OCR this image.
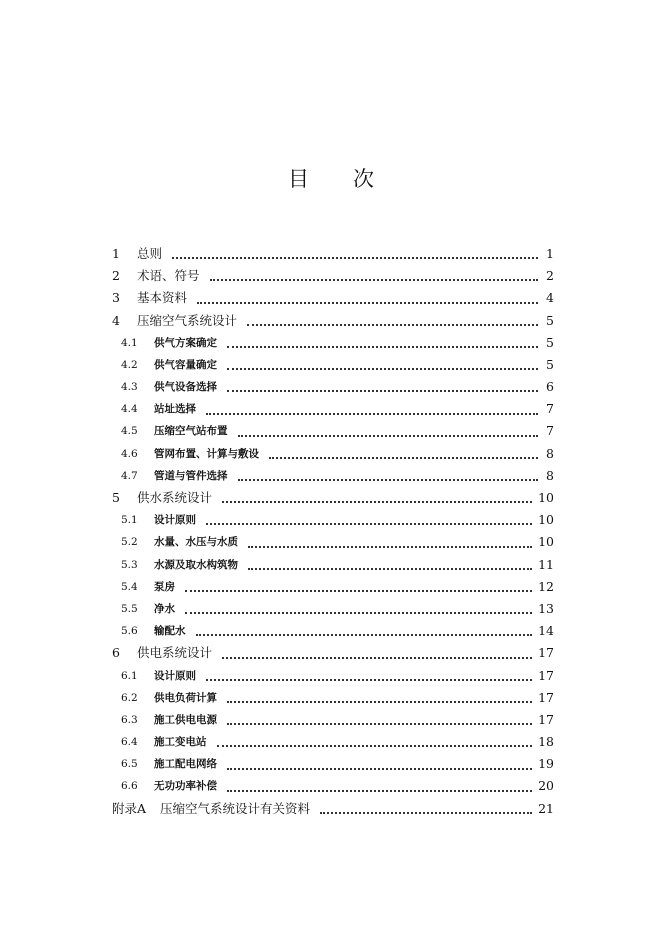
目 次
1	总则	1
2	术语、符号	2
3	基本资料	4
4	压缩空气系统设计	5
4.1	供气方案确定	5
4.2	供气容量确定	5
4.3	供气设备选择	6
4.4	站址选择	7
4.5	压缩空气站布置	7
4.6	管网布置、计算与敷设	8
4.7	管道与管件选择	8
5	供水系统设计	10
5.1	设计原则	10
5.2	水量、水压与水质	10
5.3	水源及取水构筑物	11
5.4	泵房	12
5.5	净水	13
5.6	输配水	14
6	供电系统设计	17
6.1	设计原则	17
6.2	供电负荷计算	17
6.3	施工供电电源	17
6.4	施工变电站	18
6.5	施工配电网络	19
6.6	无功功率补偿	20
附录A 压缩空气系统设计有关资料	21
